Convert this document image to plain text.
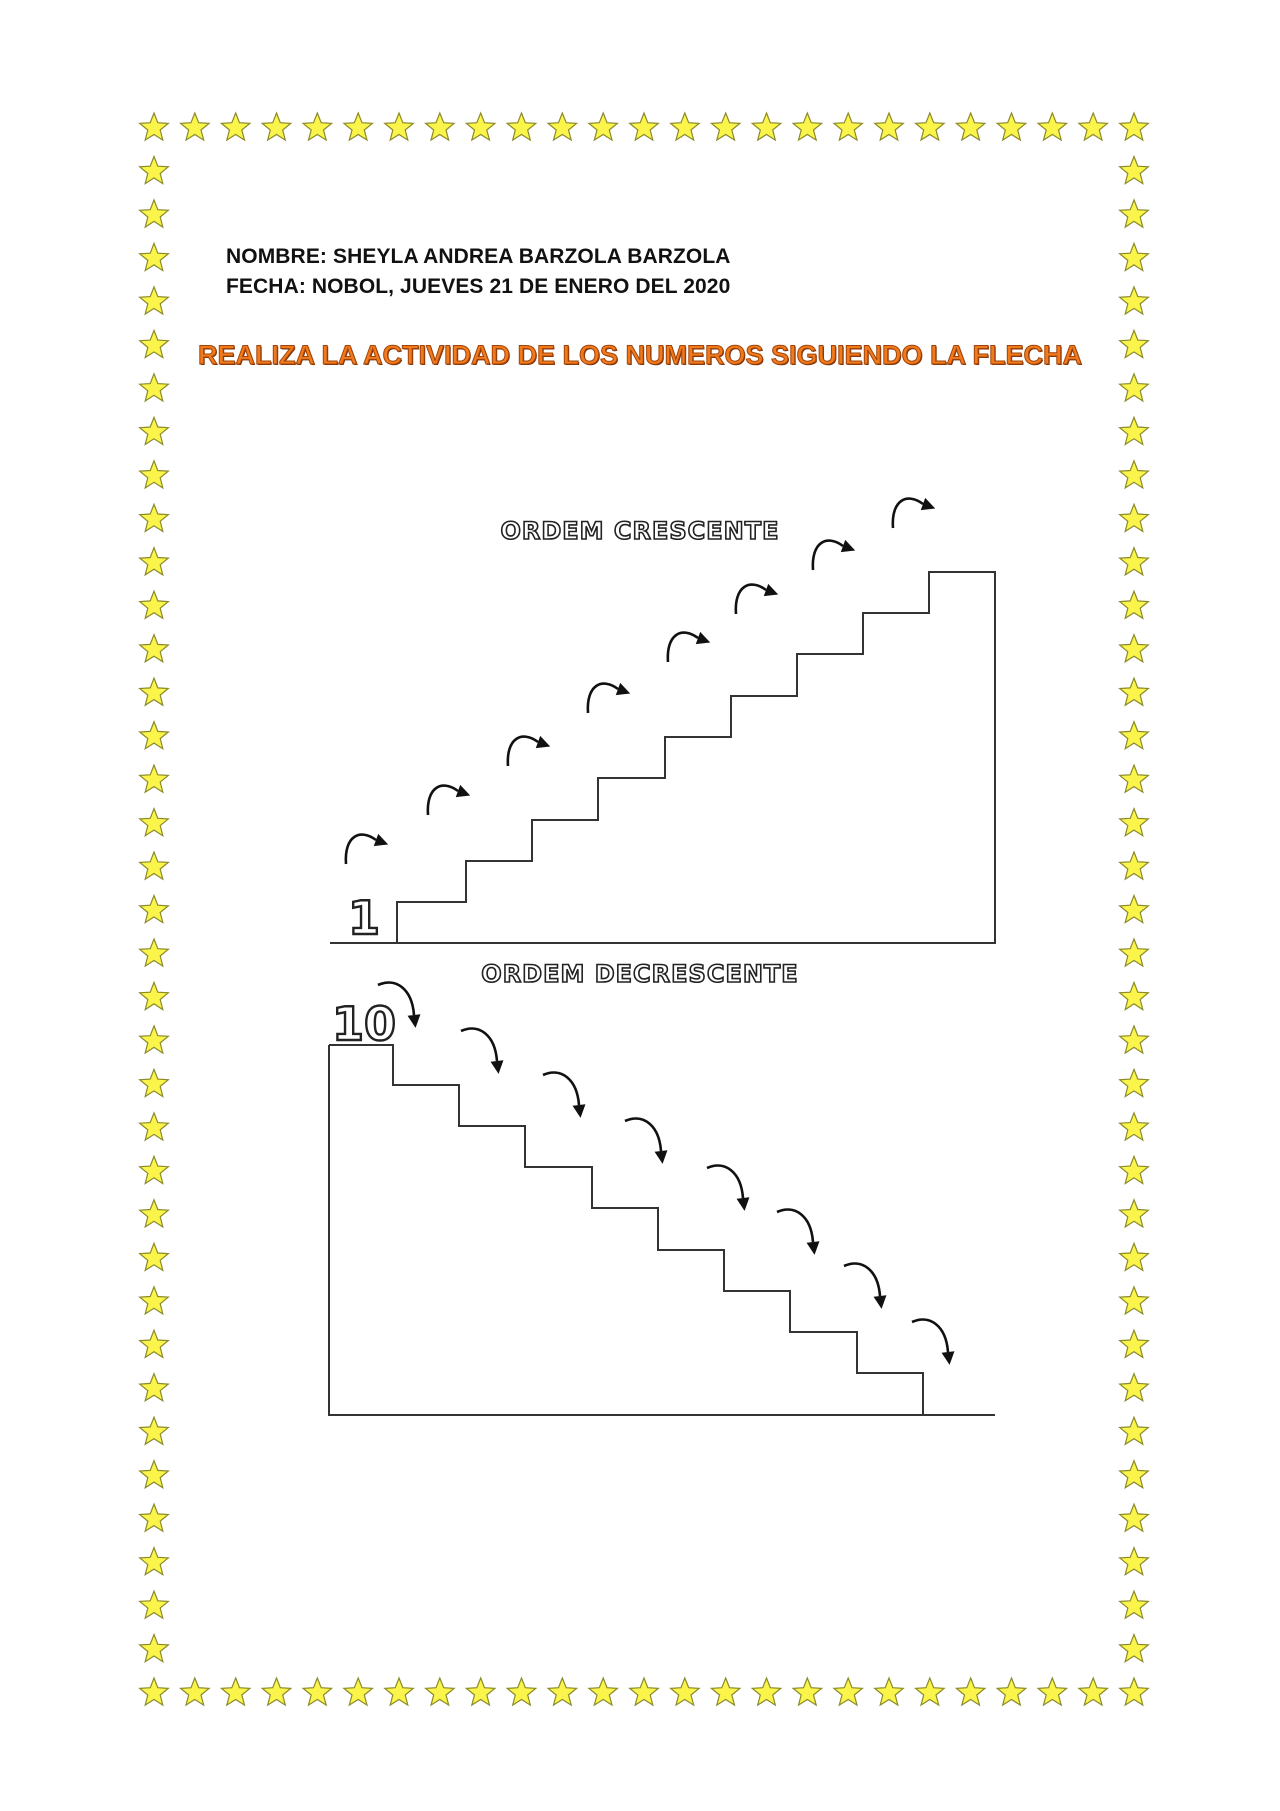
NOMBRE: SHEYLA ANDREA BARZOLA BARZOLA
FECHA: NOBOL, JUEVES 21 DE ENERO DEL 2020
REALIZA LA ACTIVIDAD DE LOS NUMEROS SIGUIENDO LA FLECHA
ORDEM CRESCENTE
ORDEM DECRESCENTE
1
10
